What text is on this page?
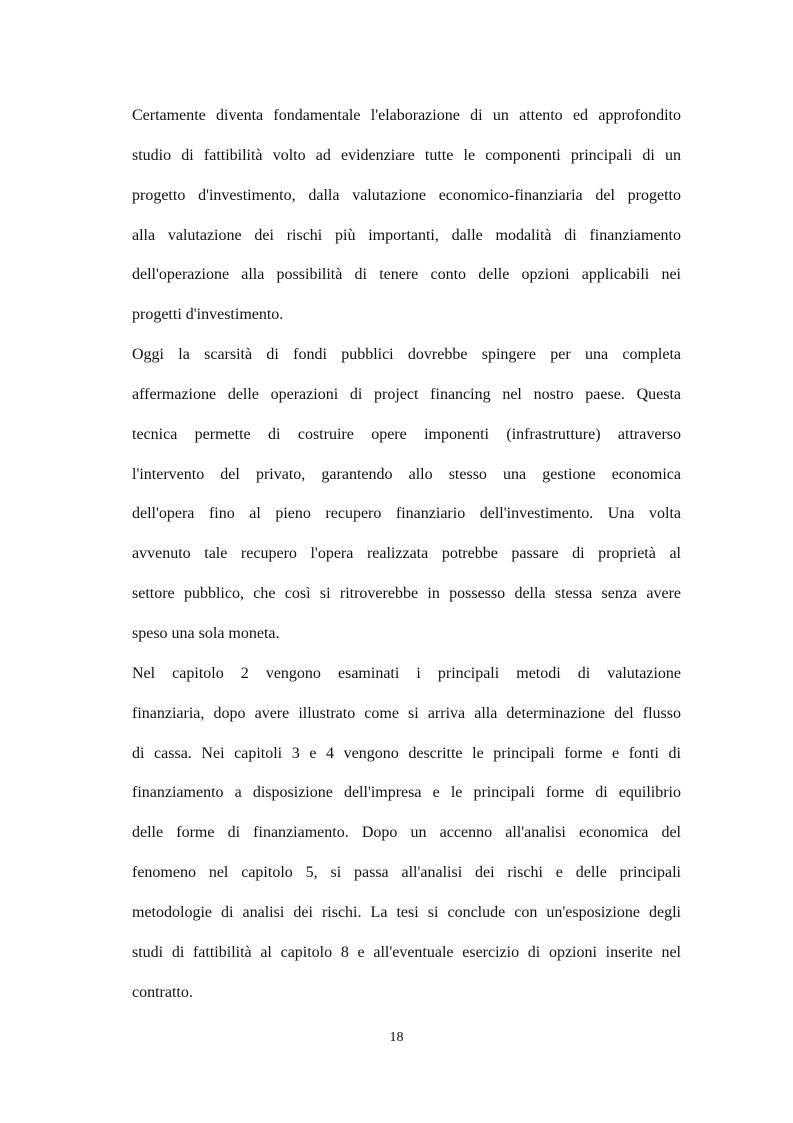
Certamente diventa fondamentale l'elaborazione di un attento ed approfondito
studio di fattibilità volto ad evidenziare tutte le componenti principali di un
progetto d'investimento, dalla valutazione economico-finanziaria del progetto
alla valutazione dei rischi più importanti, dalle modalità di finanziamento
dell'operazione alla possibilità di tenere conto delle opzioni applicabili nei
progetti d'investimento.
Oggi la scarsità di fondi pubblici dovrebbe spingere per una completa
affermazione delle operazioni di project financing nel nostro paese. Questa
tecnica permette di costruire opere imponenti (infrastrutture) attraverso
l'intervento del privato, garantendo allo stesso una gestione economica
dell'opera fino al pieno recupero finanziario dell'investimento. Una volta
avvenuto tale recupero l'opera realizzata potrebbe passare di proprietà al
settore pubblico, che così si ritroverebbe in possesso della stessa senza avere
speso una sola moneta.
Nel capitolo 2 vengono esaminati i principali metodi di valutazione
finanziaria, dopo avere illustrato come si arriva alla determinazione del flusso
di cassa. Nei capitoli 3 e 4 vengono descritte le principali forme e fonti di
finanziamento a disposizione dell'impresa e le principali forme di equilibrio
delle forme di finanziamento. Dopo un accenno all'analisi economica del
fenomeno nel capitolo 5, si passa all'analisi dei rischi e delle principali
metodologie di analisi dei rischi. La tesi si conclude con un'esposizione degli
studi di fattibilità al capitolo 8 e all'eventuale esercizio di opzioni inserite nel
contratto.
18
